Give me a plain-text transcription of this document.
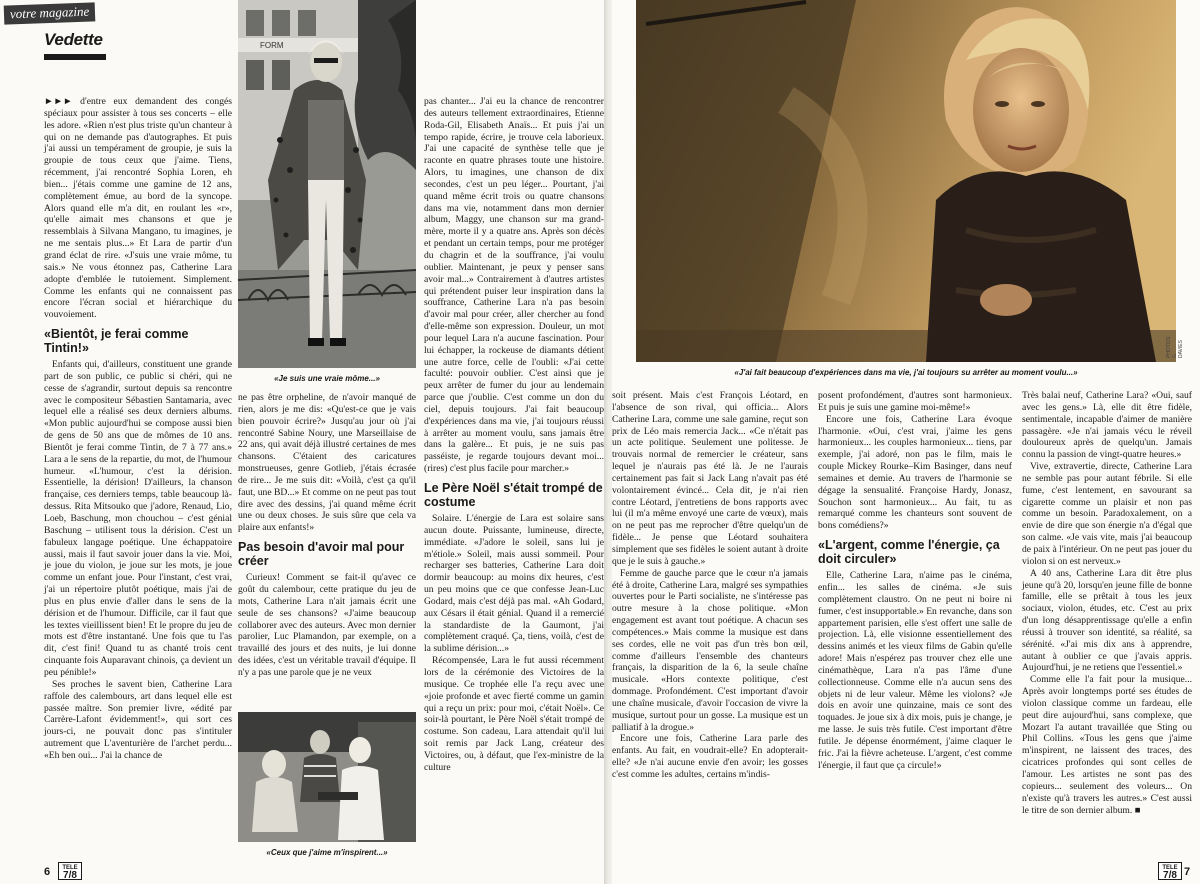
votre magazine
Vedette

►►► d'entre eux demandent des congés spéciaux pour assister à tous ses concerts – elle les adore. «Rien n'est plus triste qu'un chanteur à qui on ne demande pas d'autographes. Et puis j'ai aussi un tempérament de groupie, je suis la groupie de tous ceux que j'aime. Tiens, récemment, j'ai rencontré Sophia Loren, eh bien... j'étais comme une gamine de 12 ans, complètement émue, au bord de la syncope. Alors quand elle m'a dit, en roulant les «r», qu'elle aimait mes chansons et que je ressemblais à Silvana Mangano, tu imagines, je ne me sentais plus...» Et Lara de partir d'un grand éclat de rire. «J'suis une vraie môme, tu sais.» Ne vous étonnez pas, Catherine Lara adopte d'emblée le tutoiement. Simplement. Comme les enfants qui ne connaissent pas encore l'écran social et hiérarchique du vouvoiement.

«Bientôt, je ferai comme Tintin!»

Enfants qui, d'ailleurs, constituent une grande part de son public, ce public si chéri, qui ne cesse de s'agrandir, surtout depuis sa rencontre avec le compositeur Sébastien Santamaria, avec lequel elle a réalisé ses deux derniers albums. «Mon public aujourd'hui se compose aussi bien de gens de 50 ans que de mômes de 10 ans. Bientôt je ferai comme Tintin, de 7 à 77 ans.» Lara a le sens de la repartie, du mot, de l'humour humeur. «L'humour, c'est la dérision. Essentielle, la dérision! D'ailleurs, la chanson française, ces derniers temps, table beaucoup là-dessus. Rita Mitsouko que j'adore, Renaud, Lio, Loeb, Baschung, mon chouchou – c'est génial Baschung – utilisent tous la dérision. C'est un fabuleux langage poétique. Une échappatoire aussi, mais il faut savoir jouer dans la vie. Moi, je joue du violon, je joue sur les mots, je joue comme un enfant joue. Pour l'instant, c'est vrai, j'ai un répertoire plutôt poétique, mais j'ai de plus en plus envie d'aller dans le sens de la dérision et de l'humour. Difficile, car il faut que les textes vieillissent bien! Et le propre du jeu de mots est d'être instantané. Une fois que tu l'as dit, c'est fini! Quand tu as chanté trois cent cinquante fois Auparavant chinois, ça devient un peu pénible!»

Ses proches le savent bien, Catherine Lara raffole des calembours, art dans lequel elle est passée maître. Son premier livre, «édité par Carrère-Lafont évidemment!», qui sort ces jours-ci, ne pouvait donc pas s'intituler autrement que L'aventurière de l'archet perdu... «Eh ben oui... J'ai la chance de

FORM
«Je suis une vraie môme...»

ne pas être orpheline, de n'avoir manqué de rien, alors je me dis: «Qu'est-ce que je vais bien pouvoir écrire?» Jusqu'au jour où j'ai rencontré Sabine Noury, une Marseillaise de 22 ans, qui avait déjà illustré certaines de mes chansons. C'étaient des caricatures monstrueuses, genre Gotlieb, j'étais écrasée de rire... Je me suis dit: «Voilà, c'est ça qu'il faut, une BD...» Et comme on ne peut pas tout dire avec des dessins, j'ai quand même écrit une ou deux choses. Je suis sûre que cela va plaire aux enfants!»

Pas besoin d'avoir mal pour créer

Curieux! Comment se fait-il qu'avec ce goût du calembour, cette pratique du jeu de mots, Catherine Lara n'ait jamais écrit une seule de ses chansons? «J'aime beaucoup collaborer avec des auteurs. Avec mon dernier parolier, Luc Plamandon, par exemple, on a travaillé des jours et des nuits, je lui donne des idées, c'est un véritable travail d'équipe. Il n'y a pas une parole que je ne veux

«Ceux que j'aime m'inspirent...»

pas chanter... J'ai eu la chance de rencontrer des auteurs tellement extraordinaires, Etienne Roda-Gil, Elisabeth Anaïs... Et puis j'ai un tempo rapide, écrire, je trouve cela laborieux. J'ai une capacité de synthèse telle que je raconte en quatre phrases toute une histoire. Alors, tu imagines, une chanson de dix secondes, c'est un peu léger... Pourtant, j'ai quand même écrit trois ou quatre chansons dans ma vie, notamment dans mon dernier album, Maggy, une chanson sur ma grand-mère, morte il y a quatre ans. Après son décès et pendant un certain temps, pour me protéger du chagrin et de la souffrance, j'ai voulu oublier. Maintenant, je peux y penser sans avoir mal...» Contrairement à d'autres artistes qui prétendent puiser leur inspiration dans la souffrance, Catherine Lara n'a pas besoin d'avoir mal pour créer, aller chercher au fond d'elle-même son expression. Douleur, un mot pour lequel Lara n'a aucune fascination. Pour lui échapper, la rockeuse de diamants détient une autre force, celle de l'oubli: «J'ai cette faculté: pouvoir oublier. C'est ainsi que je peux arrêter de fumer du jour au lendemain parce que j'oublie. C'est comme un don du ciel, depuis toujours. J'ai fait beaucoup d'expériences dans ma vie, j'ai toujours réussi à arrêter au moment voulu, sans jamais être dans la galère... Et puis, je ne suis pas passéiste, je regarde toujours devant moi... (rires) c'est plus facile pour marcher.»

Le Père Noël s'était trompé de costume

Solaire. L'énergie de Lara est solaire sans aucun doute. Puissante, lumineuse, directe, immédiate. «J'adore le soleil, sans lui je m'étiole.» Soleil, mais aussi sommeil. Pour recharger ses batteries, Catherine Lara doit dormir beaucoup: au moins dix heures, c'est un peu moins que ce que confesse Jean-Luc Godard, mais c'est déjà pas mal. «Ah Godard, aux Césars il était génial. Quand il a remercié la standardiste de la Gaumont, j'ai complètement craqué. Ça, tiens, voilà, c'est de la sublime dérision...»

Récompensée, Lara le fut aussi récemment lors de la cérémonie des Victoires de la musique. Ce trophée elle l'a reçu avec une «joie profonde et avec fierté comme un gamin qui a reçu un prix: pour moi, c'était Noël». Ce soir-là pourtant, le Père Noël s'était trompé de costume. Son cadeau, Lara attendait qu'il lui soit remis par Jack Lang, créateur des Victoires, ou, à défaut, que l'ex-ministre de la culture

6	TELE
7/8
PHOTOS: G. DAVIES
«J'ai fait beaucoup d'expériences dans ma vie, j'ai toujours su arrêter au moment voulu...»

soit présent. Mais c'est François Léotard, en l'absence de son rival, qui officia... Alors Catherine Lara, comme une sale gamine, reçut son prix de Léo mais remercia Jack... «Ce n'était pas un acte politique. Seulement une politesse. Je trouvais normal de remercier le créateur, sans lequel je n'aurais pas été là. Je ne l'aurais certainement pas fait si Jack Lang n'avait pas été volontairement évincé... Cela dit, je n'ai rien contre Léotard, j'entretiens de bons rapports avec lui (il m'a même envoyé une carte de vœux), mais on ne peut pas me reprocher d'être quelqu'un de fidèle... Je pense que Léotard souhaitera simplement que ses fidèles le soient autant à droite que je le suis à gauche.»

Femme de gauche parce que le cœur n'a jamais été à droite, Catherine Lara, malgré ses sympathies ouvertes pour le Parti socialiste, ne s'intéresse pas outre mesure à la chose politique. «Mon engagement est avant tout poétique. A chacun ses compétences.» Mais comme la musique est dans ses cordes, elle ne voit pas d'un très bon œil, comme d'ailleurs l'ensemble des chanteurs français, la disparition de la 6, la seule chaîne musicale. «Hors contexte politique, c'est dommage. Profondément. C'est important d'avoir une chaîne musicale, d'avoir l'occasion de vivre la musique, surtout pour un gosse. La musique est un palliatif à la drogue.»

Encore une fois, Catherine Lara parle des enfants. Au fait, en voudrait-elle? En adopterait-elle? «Je n'ai aucune envie d'en avoir; les gosses c'est comme les adultes, certains m'indis-

posent profondément, d'autres sont harmonieux. Et puis je suis une gamine moi-même!»

Encore une fois, Catherine Lara évoque l'harmonie. «Oui, c'est vrai, j'aime les gens harmonieux... les couples harmonieux... tiens, par exemple, j'ai adoré, non pas le film, mais le couple Mickey Rourke–Kim Basinger, dans neuf semaines et demie. Au travers de l'harmonie se dégage la sensualité. Françoise Hardy, Jonasz, Souchon sont harmonieux... Au fait, tu as remarqué comme les chanteurs sont souvent de bons comédiens?»

«L'argent, comme l'énergie, ça doit circuler»

Elle, Catherine Lara, n'aime pas le cinéma, enfin... les salles de cinéma. «Je suis complètement claustro. On ne peut ni boire ni fumer, c'est insupportable.» En revanche, dans son appartement parisien, elle s'est offert une salle de projection. Là, elle visionne essentiellement des dessins animés et les vieux films de Gabin qu'elle adore! Mais n'espérez pas trouver chez elle une cinémathèque, Lara n'a pas l'âme d'une collectionneuse. Comme elle n'a aucun sens des objets ni de leur valeur. Même les violons? «Je dois en avoir une quinzaine, mais ce sont des toquades. Je joue six à dix mois, puis je change, je me lasse. Je suis très futile. C'est important d'être futile. Je dépense énormément, j'aime claquer le fric. J'ai la fièvre acheteuse. L'argent, c'est comme l'énergie, il faut que ça circule!»

Très balai neuf, Catherine Lara? «Oui, sauf avec les gens.» Là, elle dit être fidèle, sentimentale, incapable d'aimer de manière passagère. «Je n'ai jamais vécu le réveil douloureux après de quelqu'un. Jamais connu la passion de vingt-quatre heures.»

Vive, extravertie, directe, Catherine Lara ne semble pas pour autant fébrile. Si elle fume, c'est lentement, en savourant sa cigarette comme un plaisir et non pas comme un besoin. Paradoxalement, on a envie de dire que son énergie n'a d'égal que son calme. «Je vais vite, mais j'ai beaucoup de paix à l'intérieur. On ne peut pas jouer du violon si on est nerveux.»

A 40 ans, Catherine Lara dit être plus jeune qu'à 20, lorsqu'en jeune fille de bonne famille, elle se prêtait à tous les jeux sociaux, violon, études, etc. C'est au prix d'un long désapprentissage qu'elle a enfin réussi à trouver son identité, sa réalité, sa sérénité. «J'ai mis dix ans à apprendre, autant à oublier ce que j'avais appris. Aujourd'hui, je ne retiens que l'essentiel.»

Comme elle l'a fait pour la musique... Après avoir longtemps porté ses études de violon classique comme un fardeau, elle peut dire aujourd'hui, sans complexe, que Mozart l'a autant travaillée que Sting ou Phil Collins. «Tous les gens que j'aime m'inspirent, ne laissent des traces, des cicatrices profondes qui sont celles de l'amour. Les artistes ne sont pas des copieurs... seulement des voleurs... On n'existe qu'à travers les autres.» C'est aussi le titre de son dernier album. ■

TELE
7/8 7
